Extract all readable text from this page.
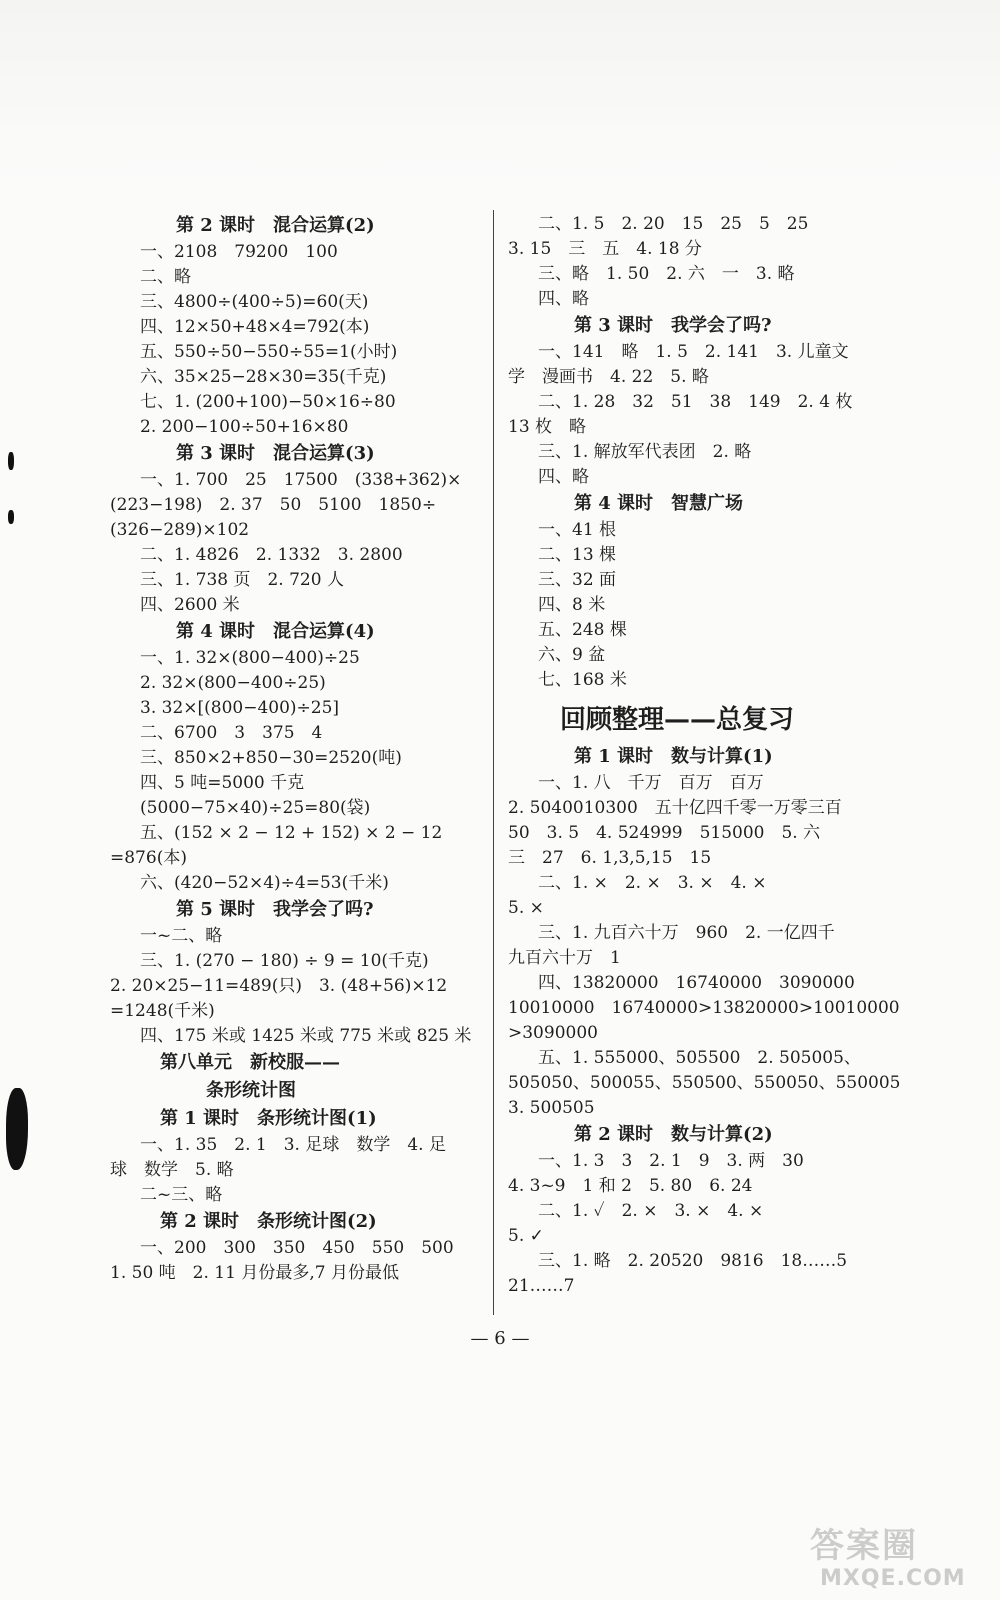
第 2 课时　混合运算(2)
一、2108　79200　100
二、略
三、4800÷(400÷5)=60(天)
四、12×50+48×4=792(本)
五、550÷50−550÷55=1(小时)
六、35×25−28×30=35(千克)
七、1. (200+100)−50×16÷80
2. 200−100÷50+16×80
第 3 课时　混合运算(3)
一、1. 700　25　17500　(338+362)×
(223−198)　2. 37　50　5100　1850÷
(326−289)×102
二、1. 4826　2. 1332　3. 2800
三、1. 738 页　2. 720 人
四、2600 米
第 4 课时　混合运算(4)
一、1. 32×(800−400)÷25
2. 32×(800−400÷25)
3. 32×[(800−400)÷25]
二、6700　3　375　4
三、850×2+850−30=2520(吨)
四、5 吨=5000 千克
(5000−75×40)÷25=80(袋)
五、(152 × 2 − 12 + 152) × 2 − 12
=876(本)
六、(420−52×4)÷4=53(千米)
第 5 课时　我学会了吗?
一~二、略
三、1. (270 − 180) ÷ 9 = 10(千克)
2. 20×25−11=489(只)　3. (48+56)×12
=1248(千米)
四、175 米或 1425 米或 775 米或 825 米
第八单元　新校服——
条形统计图
第 1 课时　条形统计图(1)
一、1. 35　2. 1　3. 足球　数学　4. 足
球　数学　5. 略
二~三、略
第 2 课时　条形统计图(2)
一、200　300　350　450　550　500
1. 50 吨　2. 11 月份最多,7 月份最低
二、1. 5　2. 20　15　25　5　25
3. 15　三　五　4. 18 分
三、略　1. 50　2. 六　一　3. 略
四、略
第 3 课时　我学会了吗?
一、141　略　1. 5　2. 141　3. 儿童文
学　漫画书　4. 22　5. 略
二、1. 28　32　51　38　149　2. 4 枚
13 枚　略
三、1. 解放军代表团　2. 略
四、略
第 4 课时　智慧广场
一、41 根
二、13 棵
三、32 面
四、8 米
五、248 棵
六、9 盆
七、168 米
回顾整理——总复习
第 1 课时　数与计算(1)
一、1. 八　千万　百万　百万
2. 5040010300　五十亿四千零一万零三百
50　3. 5　4. 524999　515000　5. 六
三　27　6. 1,3,5,15　15
二、1. ×　2. ×　3. ×　4. ×
5. ×
三、1. 九百六十万　960　2. 一亿四千
九百六十万　1
四、13820000　16740000　3090000
10010000　16740000>13820000>10010000
>3090000
五、1. 555000、505500　2. 505005、
505050、500055、550500、550050、550005
3. 500505
第 2 课时　数与计算(2)
一、1. 3　3　2. 1　9　3. 两　30
4. 3~9　1 和 2　5. 80　6. 24
二、1. ✓　2. ×　3. ×　4. ×
5. ✓
三、1. 略　2. 20520　9816　18……5
21……7
— 6 —
答案圈
MXQE.COM
